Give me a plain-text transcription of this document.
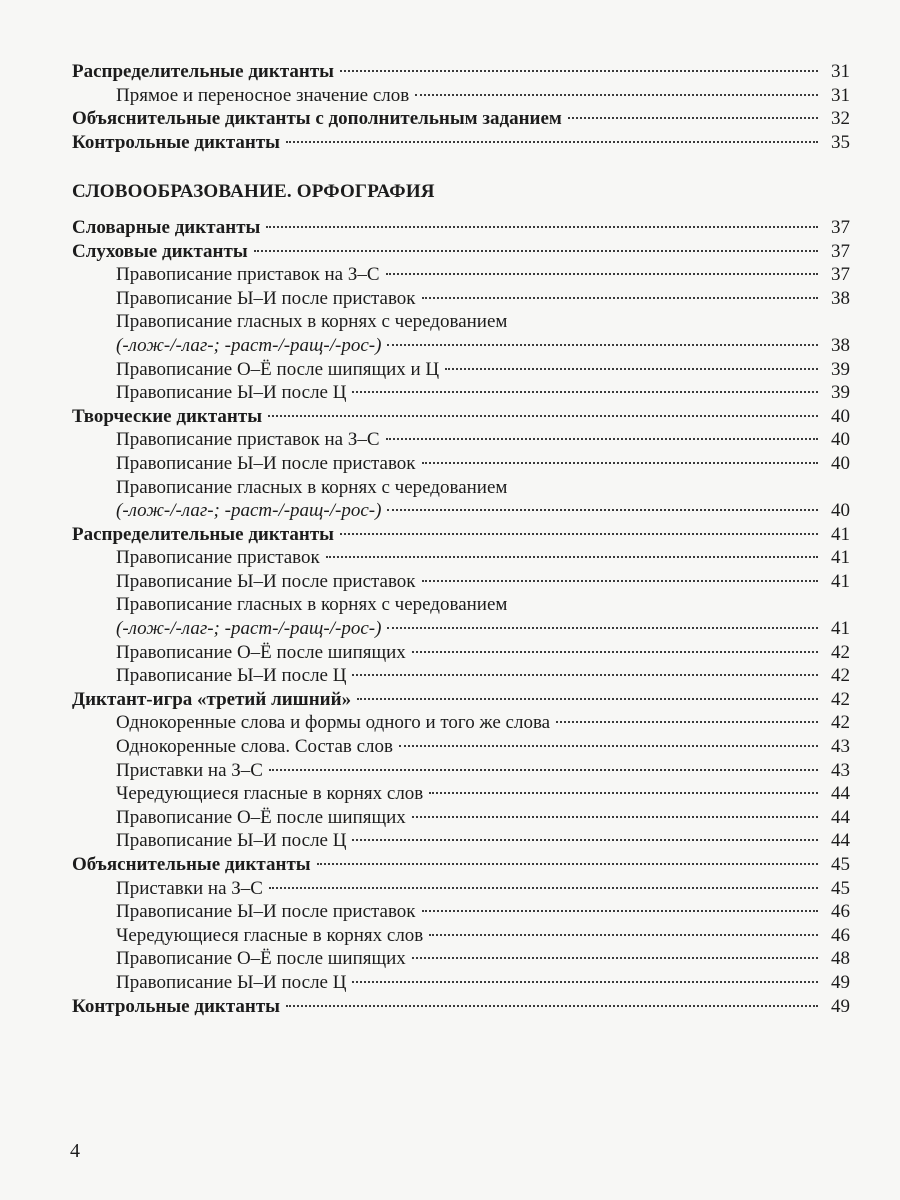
Распределительные диктанты	31
Прямое и переносное значение слов	31
Объяснительные диктанты с дополнительным заданием	32
Контрольные диктанты	35
СЛОВООБРАЗОВАНИЕ. ОРФОГРАФИЯ
Словарные диктанты	37
Слуховые диктанты	37
Правописание приставок на З–С	37
Правописание Ы–И после приставок	38
Правописание гласных в корнях с чередованием
(-лож-/-лаг-; -раст-/-ращ-/-рос-)	38
Правописание О–Ё после шипящих и Ц	39
Правописание Ы–И после Ц	39
Творческие диктанты	40
Правописание приставок на З–С	40
Правописание Ы–И после приставок	40
Правописание гласных в корнях с чередованием
(-лож-/-лаг-; -раст-/-ращ-/-рос-)	40
Распределительные диктанты	41
Правописание приставок	41
Правописание Ы–И после приставок	41
Правописание гласных в корнях с чередованием
(-лож-/-лаг-; -раст-/-ращ-/-рос-)	41
Правописание О–Ё после шипящих	42
Правописание Ы–И после Ц	42
Диктант-игра «третий лишний»	42
Однокоренные слова и формы одного и того же слова	42
Однокоренные слова. Состав слов	43
Приставки на З–С	43
Чередующиеся гласные в корнях слов	44
Правописание О–Ё после шипящих	44
Правописание Ы–И после Ц	44
Объяснительные диктанты	45
Приставки на З–С	45
Правописание Ы–И после приставок	46
Чередующиеся гласные в корнях слов	46
Правописание О–Ё после шипящих	48
Правописание Ы–И после Ц	49
Контрольные диктанты	49
4
